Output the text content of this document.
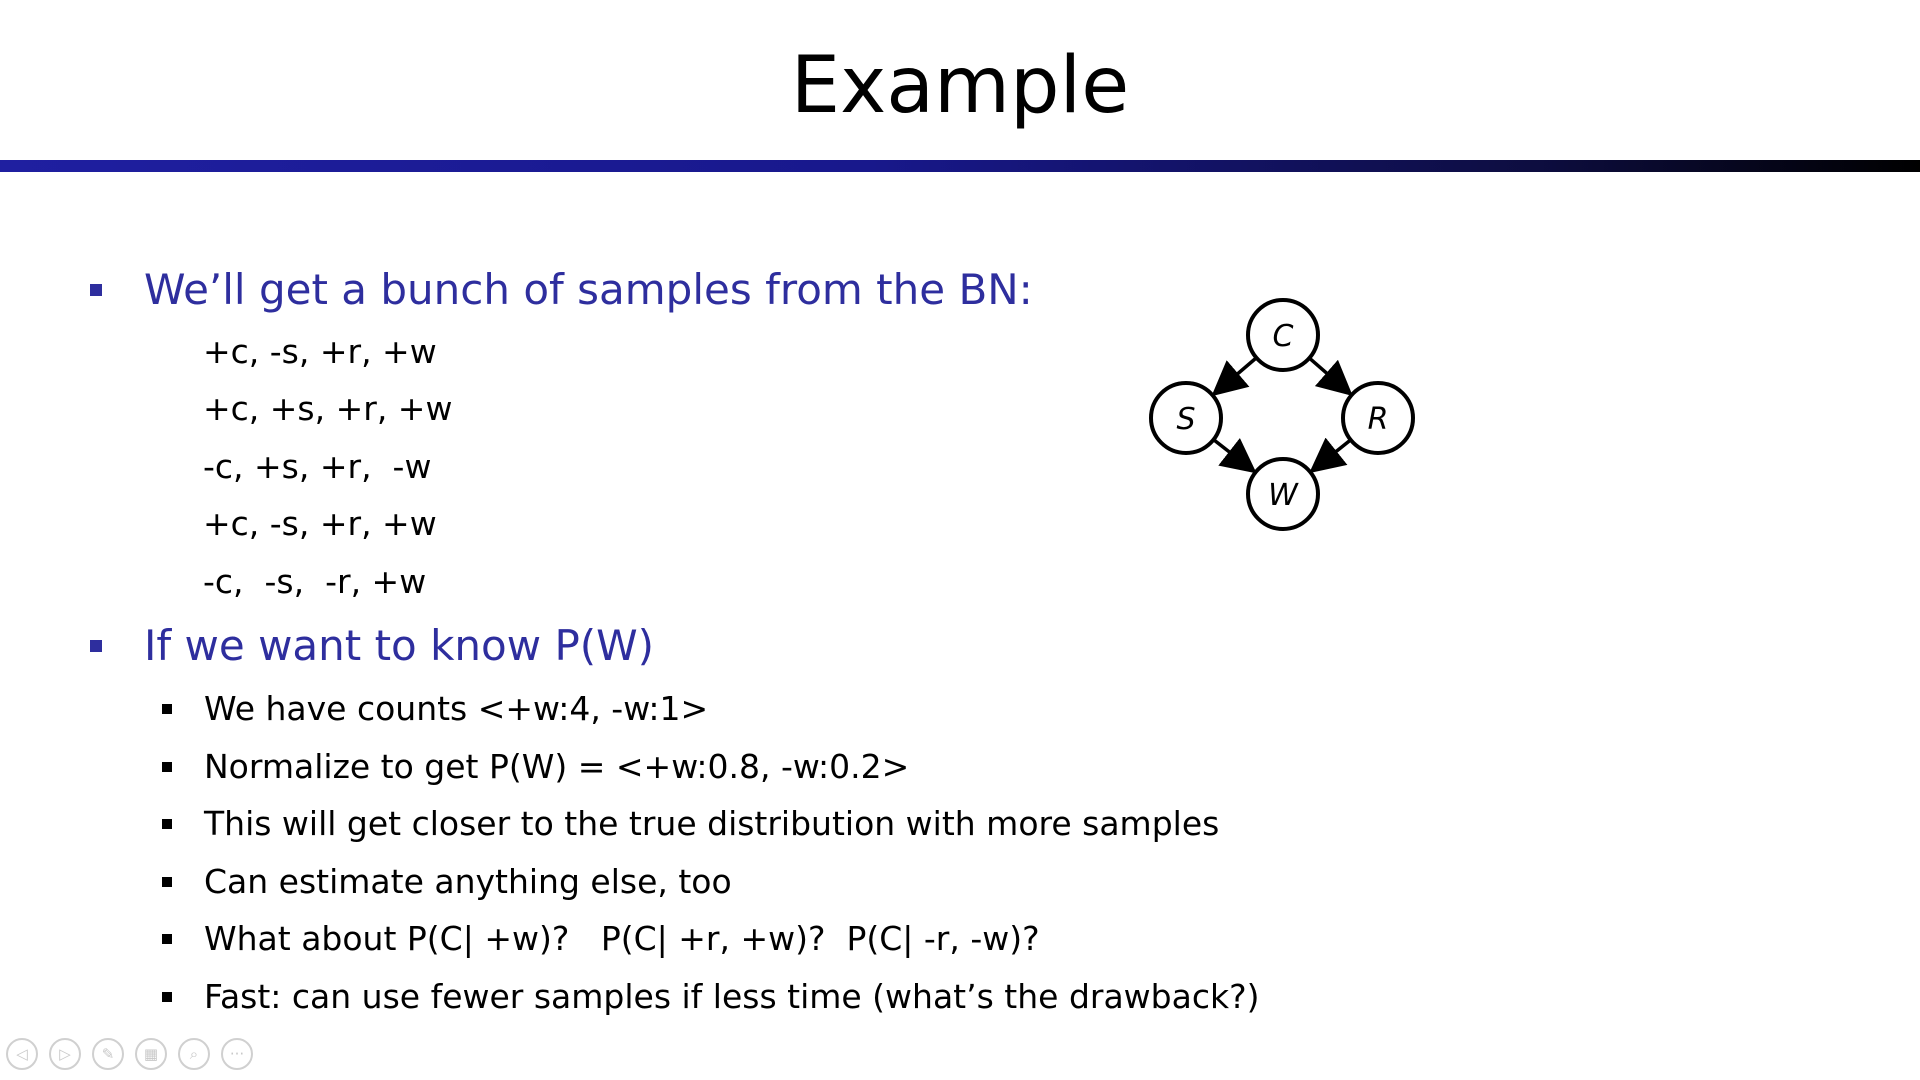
Example
We’ll get a bunch of samples from the BN:
+c, -s, +r, +w
+c, +s, +r, +w
-c, +s, +r,  -w
+c, -s, +r, +w
-c,  -s,  -r, +w
If we want to know P(W)
We have counts <+w:4, -w:1>
Normalize to get P(W) = <+w:0.8, -w:0.2>
This will get closer to the true distribution with more samples
Can estimate anything else, too
What about P(C| +w)?   P(C| +r, +w)?  P(C| -r, -w)?
Fast: can use fewer samples if less time (what’s the drawback?)
C
S	R
W
◁	▷	✎	▦	⌕	···
